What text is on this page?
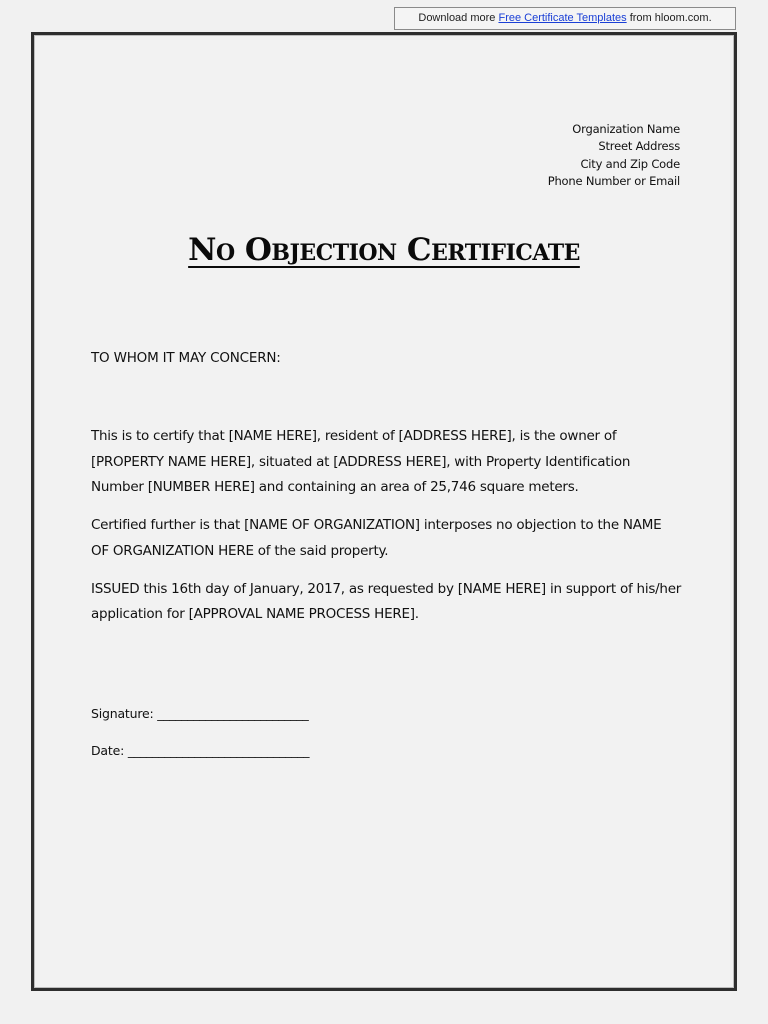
Download more Free Certificate Templates from hloom.com.
Organization Name
Street Address
City and Zip Code
Phone Number or Email
No Objection Certificate
TO WHOM IT MAY CONCERN:

This is to certify that [NAME HERE], resident of [ADDRESS HERE], is the owner of [PROPERTY NAME HERE], situated at [ADDRESS HERE], with Property Identification Number [NUMBER HERE] and containing an area of 25,746 square meters.

Certified further is that [NAME OF ORGANIZATION] interposes no objection to the NAME OF ORGANIZATION HERE of the said property.

ISSUED this 16th day of January, 2017, as requested by [NAME HERE] in support of his/her application for [APPROVAL NAME PROCESS HERE].

Signature: _________________________
Date: ______________________________
